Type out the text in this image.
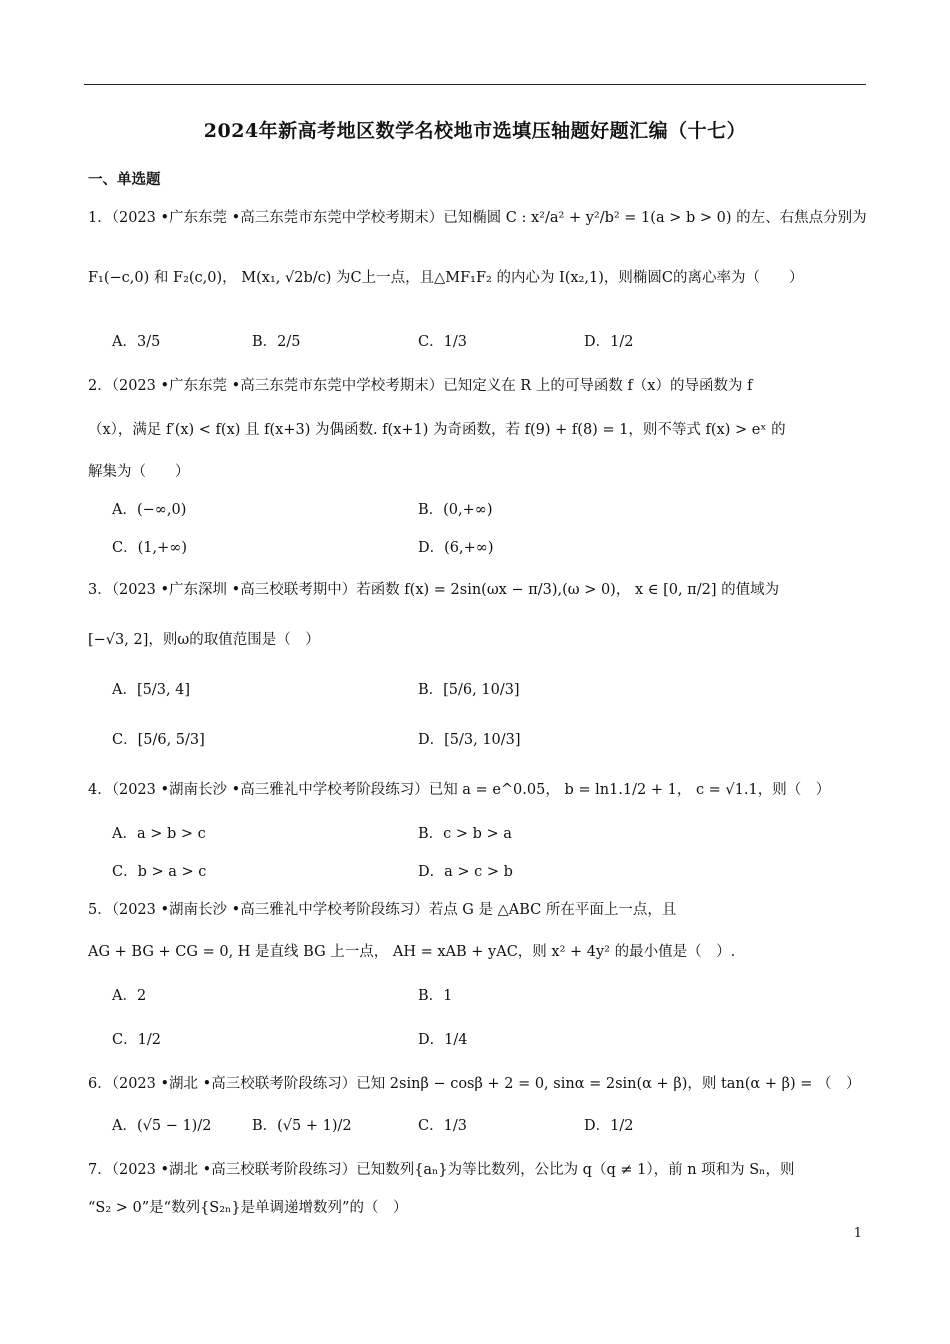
2024年新高考地区数学名校地市选填压轴题好题汇编（十七）
一、单选题
1．（2023 •广东东莞 •高三东莞市东莞中学校考期末）已知椭圆 C : x²/a² + y²/b² = 1(a > b > 0) 的左、右焦点分别为
F₁(−c,0) 和 F₂(c,0)， M(x₁, √2b/c) 为C上一点，且△MF₁F₂ 的内心为 I(x₂,1)，则椭圆C的离心率为（　　）
A．3/5	B．2/5	C．1/3	D．1/2
2．（2023 •广东东莞 •高三东莞市东莞中学校考期末）已知定义在 R 上的可导函数 f（x）的导函数为 f
（x），满足 f′(x) < f(x) 且 f(x+3) 为偶函数. f(x+1) 为奇函数，若 f(9) + f(8) = 1，则不等式 f(x) > eˣ 的
解集为（　　）
A．(−∞,0)	B．(0,+∞)
C．(1,+∞)	D．(6,+∞)
3．（2023 •广东深圳 •高三校联考期中）若函数 f(x) = 2sin(ωx − π/3),(ω > 0)， x ∈ [0, π/2] 的值域为
[−√3, 2]，则ω的取值范围是（　）
A．[5/3, 4]	B．[5/6, 10/3]
C．[5/6, 5/3]	D．[5/3, 10/3]
4．（2023 •湖南长沙 •高三雅礼中学校考阶段练习）已知 a = e^0.05， b = ln1.1/2 + 1， c = √1.1，则（　）
A．a > b > c	B．c > b > a
C．b > a > c	D．a > c > b
5．（2023 •湖南长沙 •高三雅礼中学校考阶段练习）若点 G 是 △ABC 所在平面上一点，且
AG + BG + CG = 0, H 是直线 BG 上一点， AH = xAB + yAC，则 x² + 4y² 的最小值是（　）.
A．2	B．1
C．1/2	D．1/4
6．（2023 •湖北 •高三校联考阶段练习）已知 2sinβ − cosβ + 2 = 0, sinα = 2sin(α + β)，则 tan(α + β) = （　）
A．(√5 − 1)/2	B．(√5 + 1)/2	C．1/3	D．1/2
7．（2023 •湖北 •高三校联考阶段练习）已知数列{aₙ}为等比数列，公比为 q（q ≠ 1），前 n 项和为 Sₙ，则
“S₂ > 0”是“数列{S₂ₙ}是单调递增数列”的（　）
1
